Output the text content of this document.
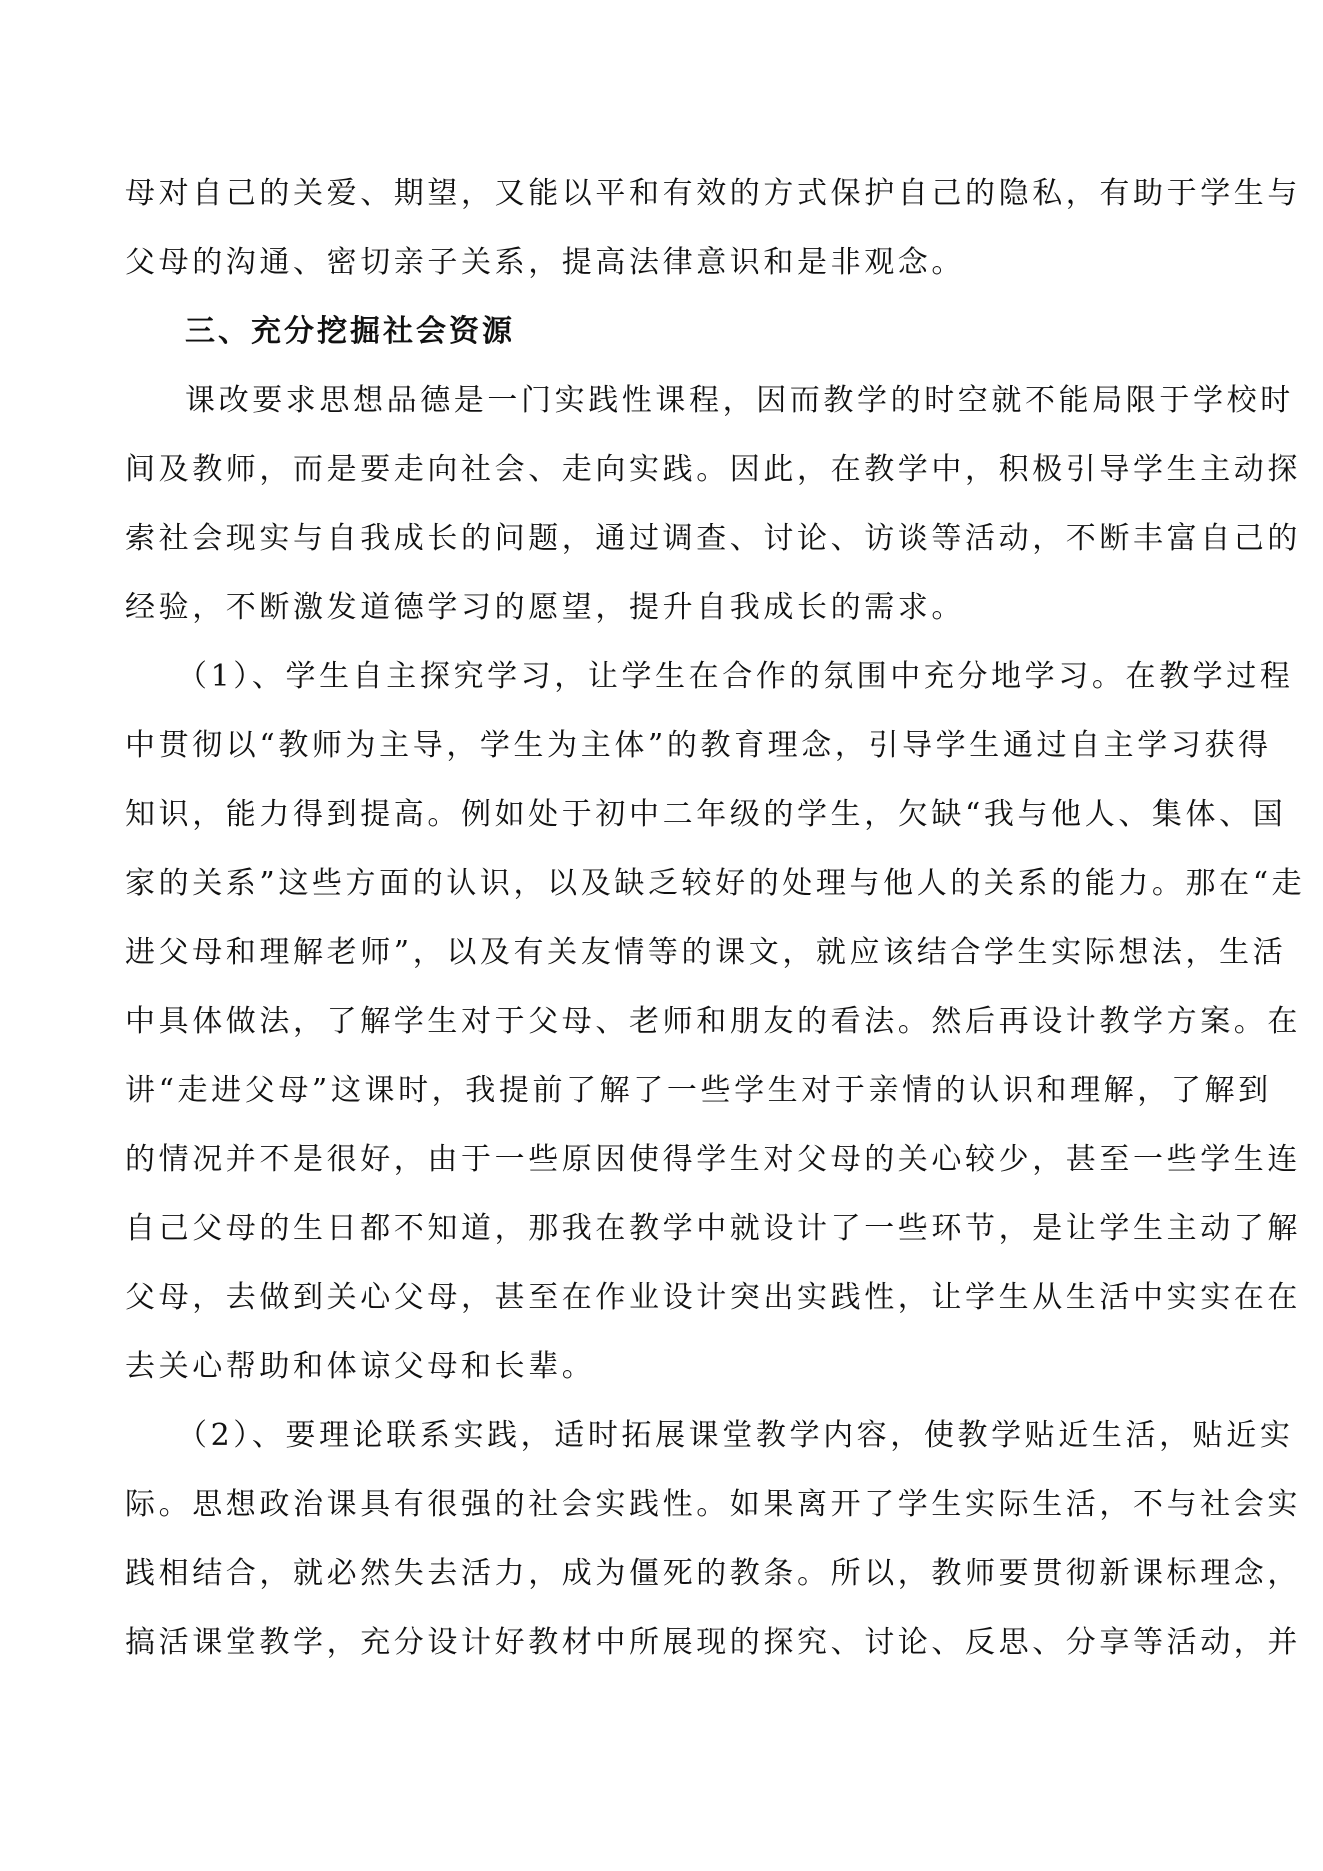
母对自己的关爱、期望，又能以平和有效的方式保护自己的隐私，有助于学生与
父母的沟通、密切亲子关系，提高法律意识和是非观念。
三、充分挖掘社会资源
课改要求思想品德是一门实践性课程，因而教学的时空就不能局限于学校时
间及教师，而是要走向社会、走向实践。因此，在教学中，积极引导学生主动探
索社会现实与自我成长的问题，通过调查、讨论、访谈等活动，不断丰富自己的
经验，不断激发道德学习的愿望，提升自我成长的需求。
（1）、学生自主探究学习，让学生在合作的氛围中充分地学习。在教学过程
中贯彻以“教师为主导，学生为主体”的教育理念，引导学生通过自主学习获得
知识，能力得到提高。例如处于初中二年级的学生，欠缺“我与他人、集体、国
家的关系”这些方面的认识，以及缺乏较好的处理与他人的关系的能力。那在“走
进父母和理解老师”，以及有关友情等的课文，就应该结合学生实际想法，生活
中具体做法，了解学生对于父母、老师和朋友的看法。然后再设计教学方案。在
讲“走进父母”这课时，我提前了解了一些学生对于亲情的认识和理解，了解到
的情况并不是很好，由于一些原因使得学生对父母的关心较少，甚至一些学生连
自己父母的生日都不知道，那我在教学中就设计了一些环节，是让学生主动了解
父母，去做到关心父母，甚至在作业设计突出实践性，让学生从生活中实实在在
去关心帮助和体谅父母和长辈。
（2）、要理论联系实践，适时拓展课堂教学内容，使教学贴近生活，贴近实
际。思想政治课具有很强的社会实践性。如果离开了学生实际生活，不与社会实
践相结合，就必然失去活力，成为僵死的教条。所以，教师要贯彻新课标理念，
搞活课堂教学，充分设计好教材中所展现的探究、讨论、反思、分享等活动，并
